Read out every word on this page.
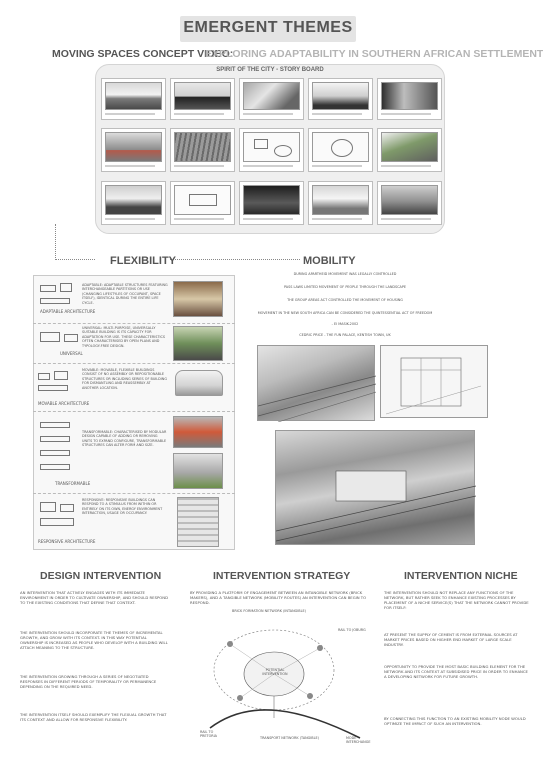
EMERGENT THEMES
MOVING SPACES CONCEPT VIDEO:
EXPLORING ADAPTABILITY IN SOUTHERN AFRICAN SETTLEMENT
SPIRIT OF THE CITY - STORY BOARD
FLEXIBILITY
ADAPTABLE ARCHITECTURE
ADAPTABLE: ADAPTABLE STRUCTURES FEATURING INTERCHANGEABLE PARTITIONS OR USE (CHANGING LIFESTYLES OF OCCUPANT, SPACE ITSELF), IDENTICAL DURING THE ENTIRE LIFE CYCLE.
UNIVERSAL
UNIVERSAL: MULTI-PURPOSE, UNIVERSALLY SUITABLE BUILDING IS ITS CAPACITY FOR ADAPTATION FOR USE. THESE CHARACTERISTICS OFTEN CHARACTERISED BY OPEN PLANS AND TYPOLOGY-FREE DESIGN.
MOVABLE ARCHITECTURE
MOVABLE: MOVABLE, FLEXIBLE BUILDINGS CONSIST OF NO ASSEMBLY OR REPOSITIONABLE STRUCTURES OR INCLUDING SERIES OF BUILDING FOR DISMANTLING AND REASSEMBLY AT ANOTHER LOCATION.
TRANSFORMABLE
TRANSFORMABLE: CHARACTERISED BY MODULAR DESIGN CAPABLE OF ADDING OR REMOVING UNITS TO EXPAND CONFIGURE, TRANSFORMABLE STRUCTURES CAN ALTER FORM AND SIZE.
RESPONSIVE ARCHITECTURE
RESPONSIVE: RESPONSIVE BUILDINGS CAN RESPOND TO A STIMULUS FROM WITHIN OR ENTIRELY ON ITS OWN, ENERGY ENVIRONMENT INTERACTION, USAGE OR OCCUPANCY.
MOBILITY
DURING APARTHEID MOVEMENT WAS LEGALLY CONTROLLED
PASS LAWS LIMITED MOVEMENT OF PEOPLE THROUGH THE LANDSCAPE
THE GROUP AREAS ACT CONTROLLED THE MOVEMENT OF HOUSING
MOVEMENT IN THE NEW SOUTH AFRICA CAN BE CONSIDERED THE QUINTESSENTIAL ACT OF FREEDOM
- EI MASIK-2002
CEDRIC PRICE - THE FUN PALACE, KENTISH TOWN, UK
DESIGN INTERVENTION
AN INTERVENTION THAT ACTIVELY ENGAGES WITH ITS IMMEDIATE ENVIRONMENT IN ORDER TO CULTIVATE OWNERSHIP, AND SHOULD RESPOND TO THE EXISTING CONDITIONS THAT DEFINE THAT CONTEXT.
THE INTERVENTION SHOULD INCORPORATE THE THEMES OF INCREMENTAL GROWTH, AND GROW WITH ITS CONTEXT. IN THIS WAY POTENTIAL OWNERSHIP IS INCREASED AS PEOPLE WHO DEVELOP WITH A BUILDING WILL ATTACH MEANING TO THE STRUCTURE.
THE INTERVENTION GROWING THROUGH A SERIES OF NEGOTIATED RESPONSES IN DIFFERENT PERIODS OF TEMPORALITY OR PERMANENCE DEPENDING ON THE REQUIRED NEED.
THE INTERVENTION ITSELF SHOULD EXEMPLIFY THE FLEXUAL GROWTH THAT ITS CONTEXT AND ALLOW FOR RESPONSIVE FLEXIBILITY.
INTERVENTION STRATEGY
BY PROVIDING A PLATFORM OF ENGAGEMENT BETWEEN AN INTANGIBLE NETWORK (BRICK MAKERS), AND A TANGIBLE NETWORK (MOBILITY ROUTES) AN INTERVENTION CAN BEGIN TO RESPOND.
BRICK FORMATION NETWORK (INTANGIBLE)
POTENTIAL INTERVENTION
TRANSPORT NETWORK (TANGIBLE)
RAIL TO JOBURG
RAIL TO PRETORIA	MODE INTERCHANGE
INTERVENTION NICHE
THE INTERVENTION SHOULD NOT REPLACE ANY FUNCTIONS OF THE NETWORK, BUT RATHER SEEK TO ENHANCE EXISTING PROCESSES BY PLACEMENT OF A NICHE SERVICE(S) THAT THE NETWORK CANNOT PROVIDE FOR ITSELF:
AT PRESENT THE SUPPLY OF CEMENT IS FROM EXTERNAL SOURCES AT MARKET PRICES BASED ON HIGHER END MARKET OF LARGE SCALE INDUSTRY.
OPPORTUNITY TO PROVIDE THE MOST BASIC BUILDING ELEMENT FOR THE NETWORK AND ITS CONTEXT AT SUBSIDISED PRICE IN ORDER TO ENHANCE A DEVELOPING NETWORK FOR FUTURE GROWTH.
BY CONNECTING THIS FUNCTION TO AN EXISTING MOBILITY NODE WOULD OPTIMIZE THE IMPACT OF SUCH AN INTERVENTION.
